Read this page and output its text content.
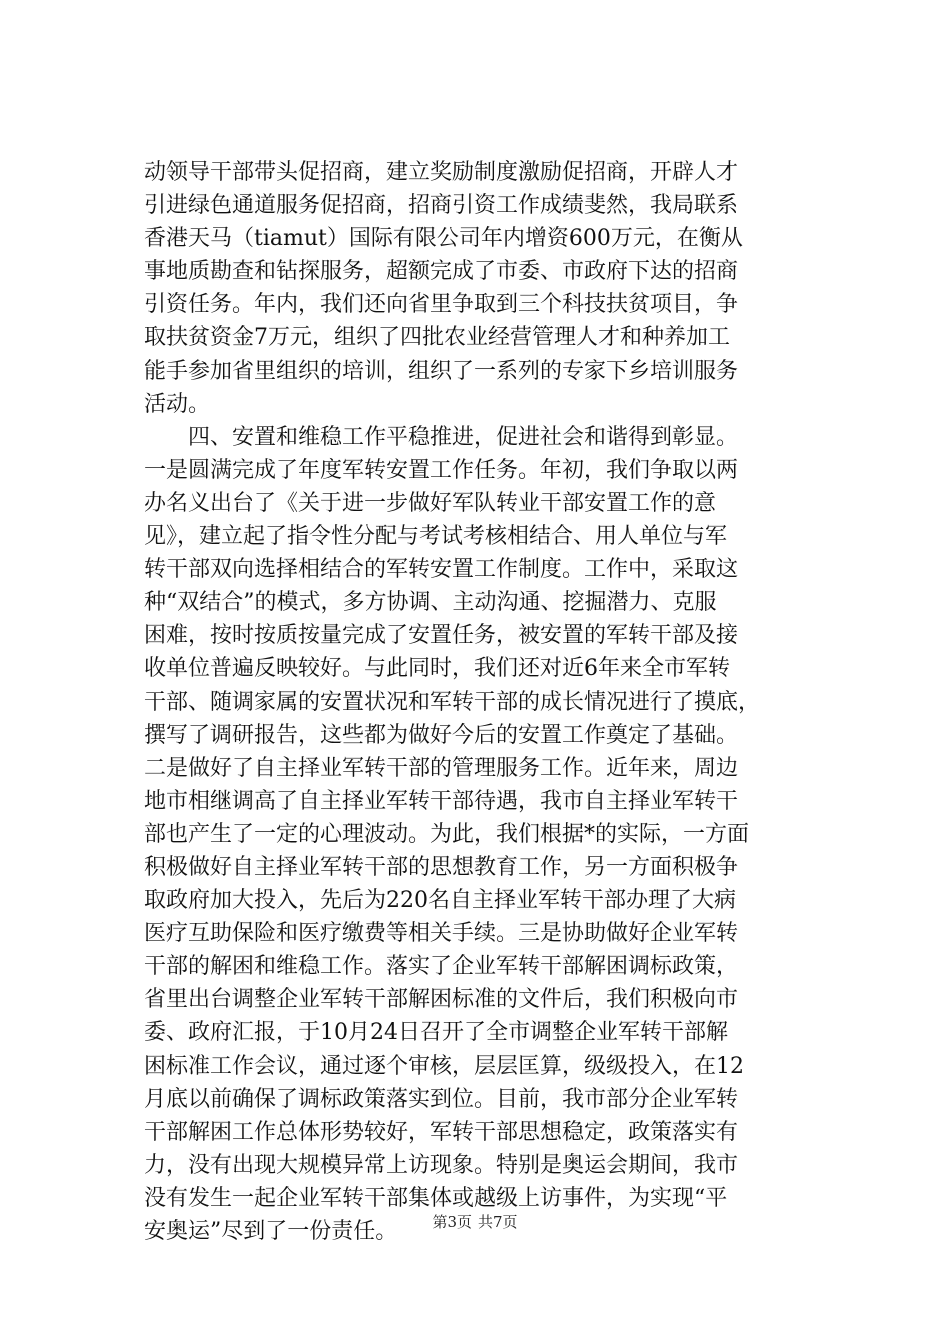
动领导干部带头促招商，建立奖励制度激励促招商，开辟人才
引进绿色通道服务促招商，招商引资工作成绩斐然，我局联系
香港天马（tiamut）国际有限公司年内增资600万元，在衡从
事地质勘查和钻探服务，超额完成了市委、市政府下达的招商
引资任务。年内，我们还向省里争取到三个科技扶贫项目，争
取扶贫资金7万元，组织了四批农业经营管理人才和种养加工
能手参加省里组织的培训，组织了一系列的专家下乡培训服务
活动。
四、安置和维稳工作平稳推进，促进社会和谐得到彰显。
一是圆满完成了年度军转安置工作任务。年初，我们争取以两
办名义出台了《关于进一步做好军队转业干部安置工作的意
见》，建立起了指令性分配与考试考核相结合、用人单位与军
转干部双向选择相结合的军转安置工作制度。工作中，采取这
种“双结合”的模式，多方协调、主动沟通、挖掘潜力、克服
困难，按时按质按量完成了安置任务，被安置的军转干部及接
收单位普遍反映较好。与此同时，我们还对近6年来全市军转
干部、随调家属的安置状况和军转干部的成长情况进行了摸底，
撰写了调研报告，这些都为做好今后的安置工作奠定了基础。
二是做好了自主择业军转干部的管理服务工作。近年来，周边
地市相继调高了自主择业军转干部待遇，我市自主择业军转干
部也产生了一定的心理波动。为此，我们根据*的实际，一方面
积极做好自主择业军转干部的思想教育工作，另一方面积极争
取政府加大投入，先后为220名自主择业军转干部办理了大病
医疗互助保险和医疗缴费等相关手续。三是协助做好企业军转
干部的解困和维稳工作。落实了企业军转干部解困调标政策，
省里出台调整企业军转干部解困标准的文件后，我们积极向市
委、政府汇报，于10月24日召开了全市调整企业军转干部解
困标准工作会议，通过逐个审核，层层匡算，级级投入，在12
月底以前确保了调标政策落实到位。目前，我市部分企业军转
干部解困工作总体形势较好，军转干部思想稳定，政策落实有
力，没有出现大规模异常上访现象。特别是奥运会期间，我市
没有发生一起企业军转干部集体或越级上访事件，为实现“平
安奥运”尽到了一份责任。	第3页 共7页
